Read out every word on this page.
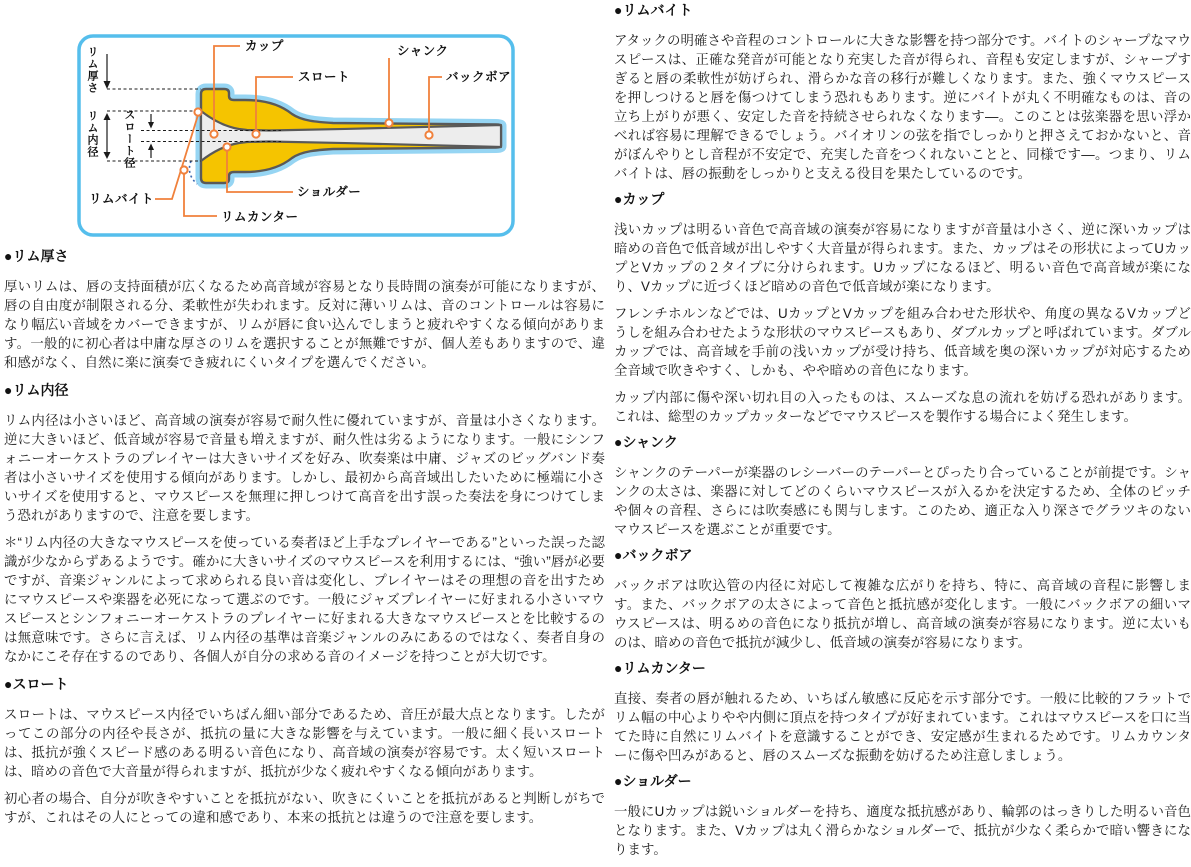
リム厚さ
リム内径 スロート径
カップ
スロート
シャンク
バックボア
リムバイト	ショルダー
リムカンター
●リム厚さ

厚いリムは、唇の支持面積が広くなるため高音域が容易となり長時間の演奏が可能になりますが、唇の自由度が制限される分、柔軟性が失われます。反対に薄いリムは、音のコントロールは容易になり幅広い音域をカバーできますが、リムが唇に食い込んでしまうと疲れやすくなる傾向があります。一般的に初心者は中庸な厚さのリムを選択することが無難ですが、個人差もありますので、違和感がなく、自然に楽に演奏でき疲れにくいタイプを選んでください。

●リム内径

リム内径は小さいほど、高音域の演奏が容易で耐久性に優れていますが、音量は小さくなります。逆に大きいほど、低音域が容易で音量も増えますが、耐久性は劣るようになります。一般にシンフォニーオーケストラのプレイヤーは大きいサイズを好み、吹奏楽は中庸、ジャズのビッグバンド奏者は小さいサイズを使用する傾向があります。しかし、最初から高音域出したいために極端に小さいサイズを使用すると、マウスピースを無理に押しつけて高音を出す誤った奏法を身につけてしまう恐れがありますので、注意を要します。

＊“リム内径の大きなマウスピースを使っている奏者ほど上手なプレイヤーである”といった誤った認識が少なからずあるようです。確かに大きいサイズのマウスピースを利用するには、“強い”唇が必要ですが、音楽ジャンルによって求められる良い音は変化し、プレイヤーはその理想の音を出すためにマウスピースや楽器を必死になって選ぶのです。一般にジャズプレイヤーに好まれる小さいマウスピースとシンフォニーオーケストラのプレイヤーに好まれる大きなマウスピースとを比較するのは無意味です。さらに言えば、リム内径の基準は音楽ジャンルのみにあるのではなく、奏者自身のなかにこそ存在するのであり、各個人が自分の求める音のイメージを持つことが大切です。

●スロート

スロートは、マウスピース内径でいちばん細い部分であるため、音圧が最大点となります。したがってこの部分の内径や長さが、抵抗の量に大きな影響を与えています。一般に細く長いスロートは、抵抗が強くスピード感のある明るい音色になり、高音域の演奏が容易です。太く短いスロートは、暗めの音色で大音量が得られますが、抵抗が少なく疲れやすくなる傾向があります。

初心者の場合、自分が吹きやすいことを抵抗がない、吹きにくいことを抵抗があると判断しがちですが、これはその人にとっての違和感であり、本来の抵抗とは違うので注意を要します。

●リムバイト

アタックの明確さや音程のコントロールに大きな影響を持つ部分です。バイトのシャープなマウスピースは、正確な発音が可能となり充実した音が得られ、音程も安定しますが、シャープすぎると唇の柔軟性が妨げられ、滑らかな音の移行が難しくなります。また、強くマウスピースを押しつけると唇を傷つけてしまう恐れもあります。逆にバイトが丸く不明確なものは、音の立ち上がりが悪く、安定した音を持続させられなくなります―。このことは弦楽器を思い浮かべれば容易に理解できるでしょう。バイオリンの弦を指でしっかりと押さえておかないと、音がぼんやりとし音程が不安定で、充実した音をつくれないことと、同様です―。つまり、リムバイトは、唇の振動をしっかりと支える役目を果たしているのです。

●カップ

浅いカップは明るい音色で高音域の演奏が容易になりますが音量は小さく、逆に深いカップは暗めの音色で低音域が出しやすく大音量が得られます。また、カップはその形状によってUカップとVカップの２タイプに分けられます。Uカップになるほど、明るい音色で高音域が楽になり、Vカップに近づくほど暗めの音色で低音域が楽になります。

フレンチホルンなどでは、UカップとVカップを組み合わせた形状や、角度の異なるVカップどうしを組み合わせたような形状のマウスピースもあり、ダブルカップと呼ばれています。ダブルカップでは、高音域を手前の浅いカップが受け持ち、低音域を奥の深いカップが対応するため全音域で吹きやすく、しかも、やや暗めの音色になります。

カップ内部に傷や深い切れ目の入ったものは、スムーズな息の流れを妨げる恐れがあります。これは、総型のカップカッターなどでマウスピースを製作する場合によく発生します。

●シャンク

シャンクのテーパーが楽器のレシーバーのテーパーとぴったり合っていることが前提です。シャンクの太さは、楽器に対してどのくらいマウスピースが入るかを決定するため、全体のピッチや個々の音程、さらには吹奏感にも関与します。このため、適正な入り深さでグラツキのないマウスピースを選ぶことが重要です。

●バックボア

バックボアは吹込管の内径に対応して複雑な広がりを持ち、特に、高音域の音程に影響します。また、バックボアの太さによって音色と抵抗感が変化します。一般にバックボアの細いマウスピースは、明るめの音色になり抵抗が増し、高音域の演奏が容易になります。逆に太いものは、暗めの音色で抵抗が減少し、低音域の演奏が容易になります。

●リムカンター

直接、奏者の唇が触れるため、いちばん敏感に反応を示す部分です。一般に比較的フラットでリム幅の中心よりやや内側に頂点を持つタイプが好まれています。これはマウスピースを口に当てた時に自然にリムバイトを意識することができ、安定感が生まれるためです。リムカウンターに傷や凹みがあると、唇のスムーズな振動を妨げるため注意しましょう。

●ショルダー

一般にUカップは鋭いショルダーを持ち、適度な抵抗感があり、輪郭のはっきりした明るい音色となります。また、Vカップは丸く滑らかなショルダーで、抵抗が少なく柔らかで暗い響きになります。
